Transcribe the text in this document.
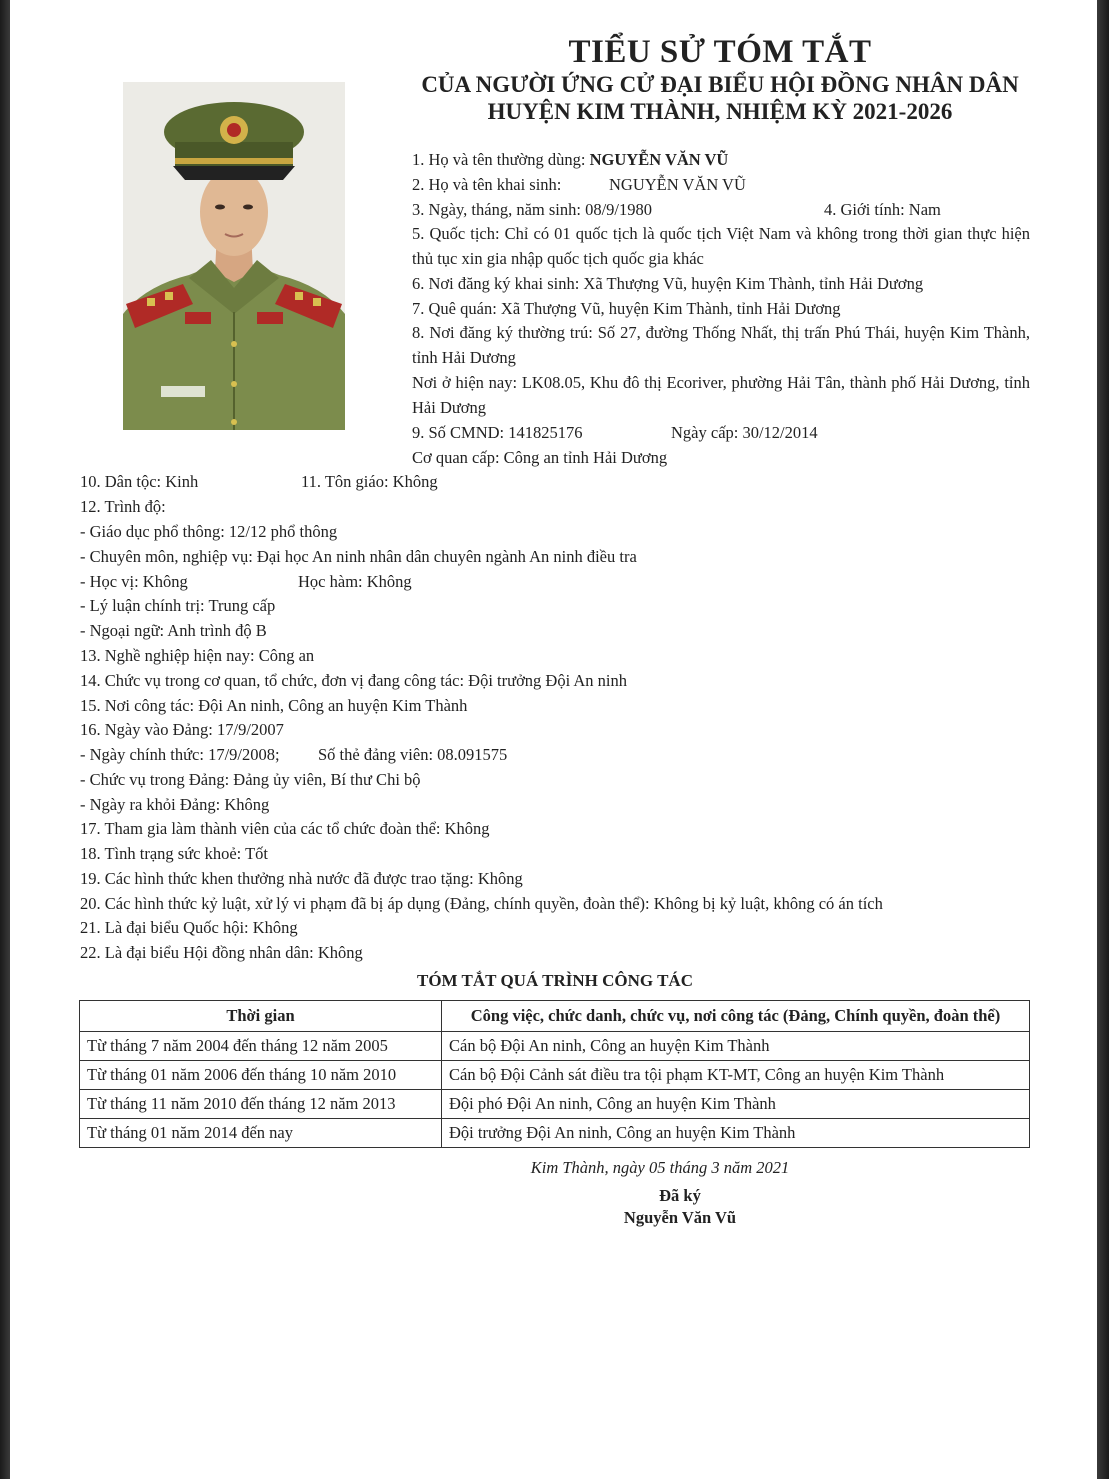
TIỂU SỬ TÓM TẮT
CỦA NGƯỜI ỨNG CỬ ĐẠI BIỂU HỘI ĐỒNG NHÂN DÂN
HUYỆN KIM THÀNH, NHIỆM KỲ 2021-2026
1. Họ và tên thường dùng: NGUYỄN VĂN VŨ
2. Họ và tên khai sinh:	NGUYỄN VĂN VŨ
3. Ngày, tháng, năm sinh: 08/9/1980	4. Giới tính: Nam
5. Quốc tịch: Chỉ có 01 quốc tịch là quốc tịch Việt Nam và không trong thời gian thực hiện thủ tục xin gia nhập quốc tịch quốc gia khác
6. Nơi đăng ký khai sinh: Xã Thượng Vũ, huyện Kim Thành, tỉnh Hải Dương
7. Quê quán: Xã Thượng Vũ, huyện Kim Thành, tỉnh Hải Dương
8. Nơi đăng ký thường trú: Số 27, đường Thống Nhất, thị trấn Phú Thái, huyện Kim Thành, tỉnh Hải Dương
Nơi ở hiện nay: LK08.05, Khu đô thị Ecoriver, phường Hải Tân, thành phố Hải Dương, tỉnh Hải Dương
9. Số CMND: 141825176	Ngày cấp: 30/12/2014
Cơ quan cấp: Công an tỉnh Hải Dương
10. Dân tộc: Kinh	11. Tôn giáo: Không
12. Trình độ:
- Giáo dục phổ thông: 12/12 phổ thông
- Chuyên môn, nghiệp vụ: Đại học An ninh nhân dân chuyên ngành An ninh điều tra
- Học vị: Không	Học hàm: Không
- Lý luận chính trị: Trung cấp
- Ngoại ngữ: Anh trình độ B
13. Nghề nghiệp hiện nay: Công an
14. Chức vụ trong cơ quan, tổ chức, đơn vị đang công tác: Đội trưởng Đội An ninh
15. Nơi công tác: Đội An ninh, Công an huyện Kim Thành
16. Ngày vào Đảng: 17/9/2007
- Ngày chính thức: 17/9/2008; Số thẻ đảng viên: 08.091575
- Chức vụ trong Đảng: Đảng ủy viên, Bí thư Chi bộ
- Ngày ra khỏi Đảng: Không
17. Tham gia làm thành viên của các tổ chức đoàn thể: Không
18. Tình trạng sức khoẻ: Tốt
19. Các hình thức khen thưởng nhà nước đã được trao tặng: Không
20. Các hình thức kỷ luật, xử lý vi phạm đã bị áp dụng (Đảng, chính quyền, đoàn thể): Không bị kỷ luật, không có án tích
21. Là đại biểu Quốc hội: Không
22. Là đại biểu Hội đồng nhân dân: Không
TÓM TẮT QUÁ TRÌNH CÔNG TÁC
Thời gian	Công việc, chức danh, chức vụ, nơi công tác (Đảng, Chính quyền, đoàn thể)
Từ tháng 7 năm 2004 đến tháng 12 năm 2005	Cán bộ Đội An ninh, Công an huyện Kim Thành
Từ tháng 01 năm 2006 đến tháng 10 năm 2010	Cán bộ Đội Cảnh sát điều tra tội phạm KT-MT, Công an huyện Kim Thành
Từ tháng 11 năm 2010 đến tháng 12 năm 2013	Đội phó Đội An ninh, Công an huyện Kim Thành
Từ tháng 01 năm 2014 đến nay	Đội trưởng Đội An ninh, Công an huyện Kim Thành
Kim Thành, ngày 05 tháng 3 năm 2021
Đã ký
Nguyễn Văn Vũ
